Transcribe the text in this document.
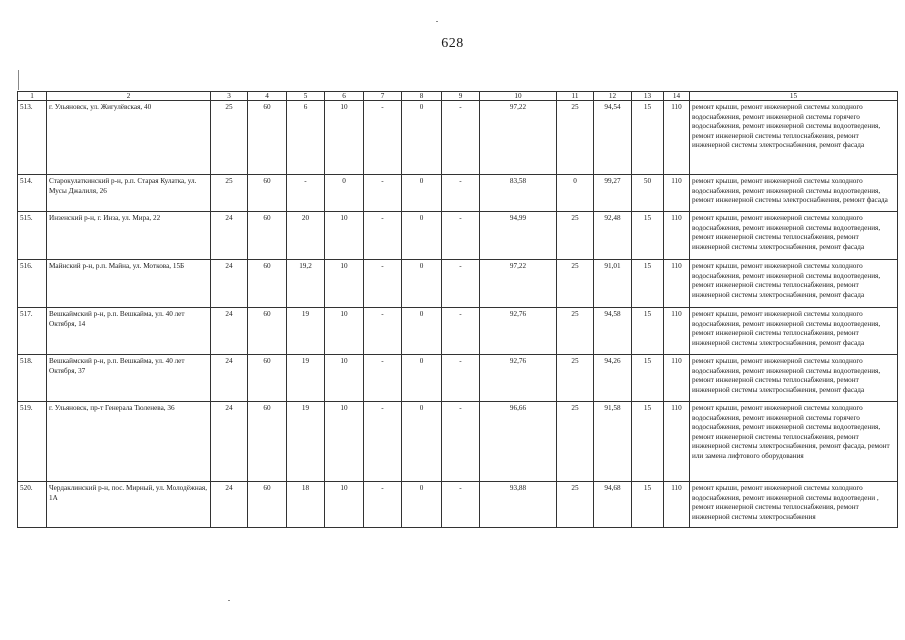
628
1	2	3	4	5	6	7	8	9	10	11	12	13	14	15
513.	г. Ульяновск, ул. Жигулёвская, 40	25	60	6	10	-	0	-	97,22	25	94,54	15	110	ремонт крыши, ремонт инженерной системы холодного водоснабжения, ремонт инженерной системы горячего водоснабжения, ремонт инженерной системы водоотведения, ремонт инженерной системы теплоснабжения, ремонт инженерной системы электроснабжения, ремонт фасада
514.	Старокулаткинский р-н, р.п. Старая Кулатка, ул. Мусы Джалиля, 26	25	60	-	0	-	0	-	83,58	0	99,27	50	110	ремонт крыши, ремонт инженерной системы холодного водоснабжения, ремонт инженерной системы водоотведения, ремонт инженерной системы электроснабжения, ремонт фасада
515.	Инзенский р-н, г. Инза, ул. Мира, 22	24	60	20	10	-	0	-	94,99	25	92,48	15	110	ремонт крыши, ремонт инженерной системы холодного водоснабжения, ремонт инженерной системы водоотведения, ремонт инженерной системы теплоснабжения, ремонт инженерной системы электроснабжения, ремонт фасада
516.	Майнский р-н, р.п. Майна, ул. Моткова, 15Б	24	60	19,2	10	-	0	-	97,22	25	91,01	15	110	ремонт крыши, ремонт инженерной системы холодного водоснабжения, ремонт инженерной системы водоотведения, ремонт инженерной системы теплоснабжения, ремонт инженерной системы электроснабжения, ремонт фасада
517.	Вешкаймский р-н, р.п. Вешкайма, ул. 40 лет Октября, 14	24	60	19	10	-	0	-	92,76	25	94,58	15	110	ремонт крыши, ремонт инженерной системы холодного водоснабжения, ремонт инженерной системы водоотведения, ремонт инженерной системы теплоснабжения, ремонт инженерной системы электроснабжения, ремонт фасада
518.	Вешкаймский р-н, р.п. Вешкайма, ул. 40 лет Октября, 37	24	60	19	10	-	0	-	92,76	25	94,26	15	110	ремонт крыши, ремонт инженерной системы холодного водоснабжения, ремонт инженерной системы водоотведения, ремонт инженерной системы теплоснабжения, ремонт инженерной системы электроснабжения, ремонт фасада
519.	г. Ульяновск, пр-т Генерала Тюленева, 36	24	60	19	10	-	0	-	96,66	25	91,58	15	110	ремонт крыши, ремонт инженерной системы холодного водоснабжения, ремонт инженерной системы горячего водоснабжения, ремонт инженерной системы водоотведения, ремонт инженерной системы теплоснабжения, ремонт инженерной системы электроснабжения, ремонт фасада, ремонт или замена лифтового оборудования
520.	Чердаклинский р-н, пос. Мирный, ул. Молодёжная, 1А	24	60	18	10	-	0	-	93,88	25	94,68	15	110	ремонт крыши, ремонт инженерной системы холодного водоснабжения, ремонт инженерной системы водоотведени , ремонт инженерной системы теплоснабжения, ремонт инженерной системы электроснабжения
